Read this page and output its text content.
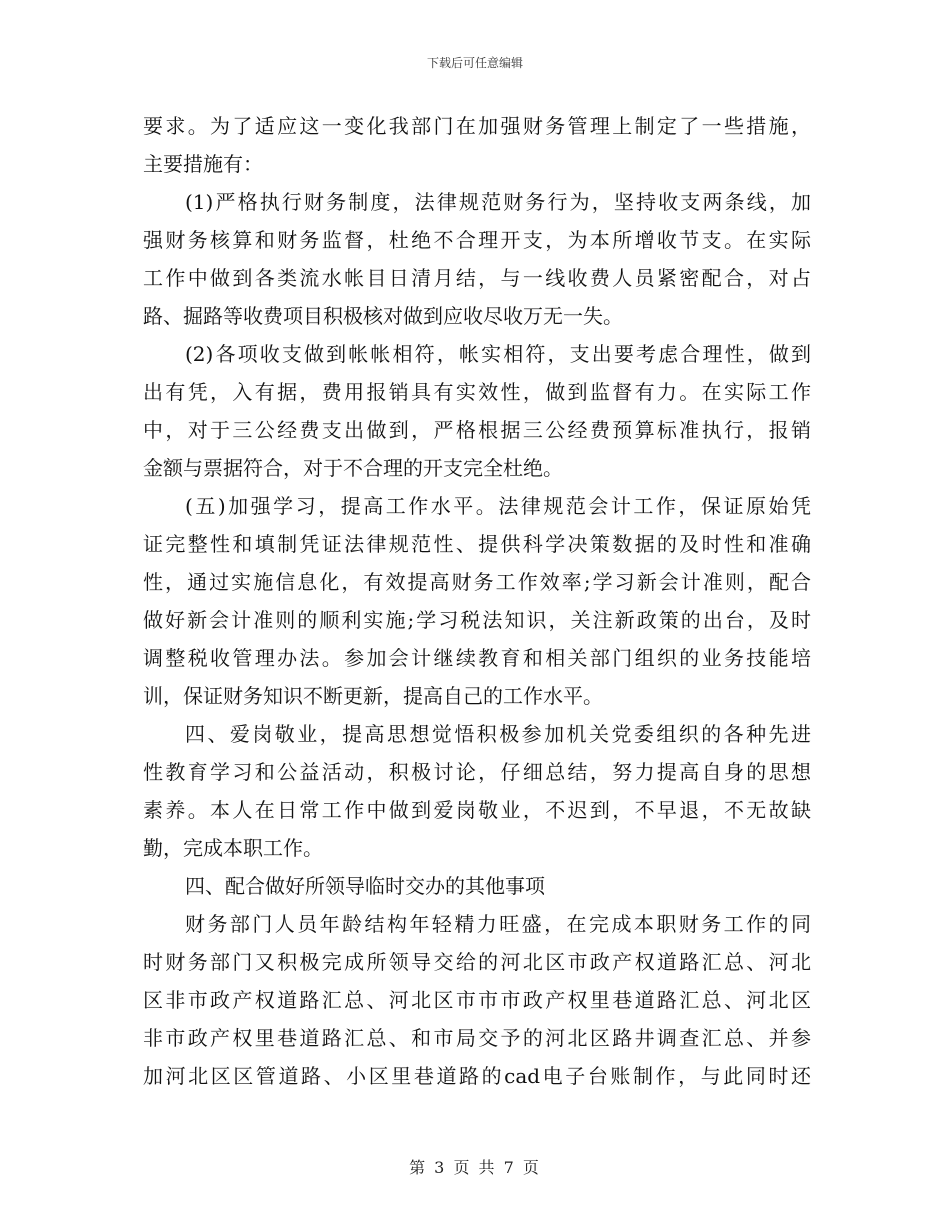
下载后可任意编辑
要求。为了适应这一变化我部门在加强财务管理上制定了一些措施，
主要措施有：
(1)严格执行财务制度，法律规范财务行为，坚持收支两条线，加
强财务核算和财务监督，杜绝不合理开支，为本所增收节支。在实际
工作中做到各类流水帐目日清月结，与一线收费人员紧密配合，对占
路、掘路等收费项目积极核对做到应收尽收万无一失。
(2)各项收支做到帐帐相符，帐实相符，支出要考虑合理性，做到
出有凭，入有据，费用报销具有实效性，做到监督有力。在实际工作
中，对于三公经费支出做到，严格根据三公经费预算标准执行，报销
金额与票据符合，对于不合理的开支完全杜绝。
(五)加强学习，提高工作水平。法律规范会计工作，保证原始凭
证完整性和填制凭证法律规范性、提供科学决策数据的及时性和准确
性，通过实施信息化，有效提高财务工作效率;学习新会计准则，配合
做好新会计准则的顺利实施;学习税法知识，关注新政策的出台，及时
调整税收管理办法。参加会计继续教育和相关部门组织的业务技能培
训，保证财务知识不断更新，提高自己的工作水平。
四、爱岗敬业，提高思想觉悟积极参加机关党委组织的各种先进
性教育学习和公益活动，积极讨论，仔细总结，努力提高自身的思想
素养。本人在日常工作中做到爱岗敬业，不迟到，不早退，不无故缺
勤，完成本职工作。
四、配合做好所领导临时交办的其他事项
财务部门人员年龄结构年轻精力旺盛，在完成本职财务工作的同
时财务部门又积极完成所领导交给的河北区市政产权道路汇总、河北
区非市政产权道路汇总、河北区市市市政产权里巷道路汇总、河北区
非市政产权里巷道路汇总、和市局交予的河北区路井调查汇总、并参
加河北区区管道路、小区里巷道路的cad电子台账制作，与此同时还
第 3 页 共 7 页
